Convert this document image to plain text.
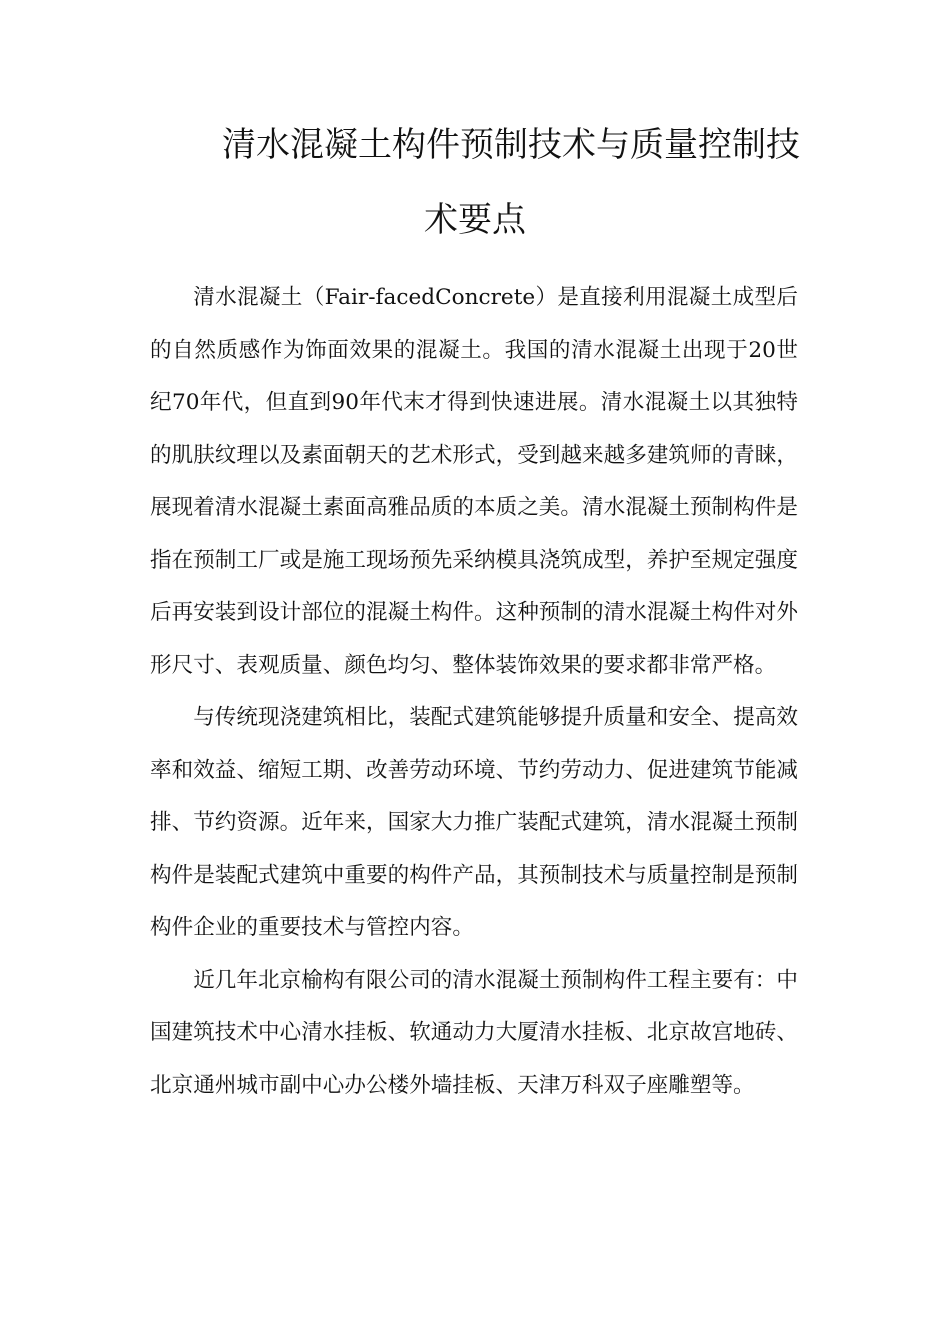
清水混凝土构件预制技术与质量控制技
术要点

清水混凝土（Fair-facedConcrete）是直接利用混凝土成型后的自然质感作为饰面效果的混凝土。我国的清水混凝土出现于20世纪70年代，但直到90年代末才得到快速进展。清水混凝土以其独特的肌肤纹理以及素面朝天的艺术形式，受到越来越多建筑师的青睐，展现着清水混凝土素面高雅品质的本质之美。清水混凝土预制构件是指在预制工厂或是施工现场预先采纳模具浇筑成型，养护至规定强度后再安装到设计部位的混凝土构件。这种预制的清水混凝土构件对外形尺寸、表观质量、颜色均匀、整体装饰效果的要求都非常严格。

与传统现浇建筑相比，装配式建筑能够提升质量和安全、提高效率和效益、缩短工期、改善劳动环境、节约劳动力、促进建筑节能减排、节约资源。近年来，国家大力推广装配式建筑，清水混凝土预制构件是装配式建筑中重要的构件产品，其预制技术与质量控制是预制构件企业的重要技术与管控内容。

近几年北京榆构有限公司的清水混凝土预制构件工程主要有：中国建筑技术中心清水挂板、软通动力大厦清水挂板、北京故宫地砖、北京通州城市副中心办公楼外墙挂板、天津万科双子座雕塑等。
